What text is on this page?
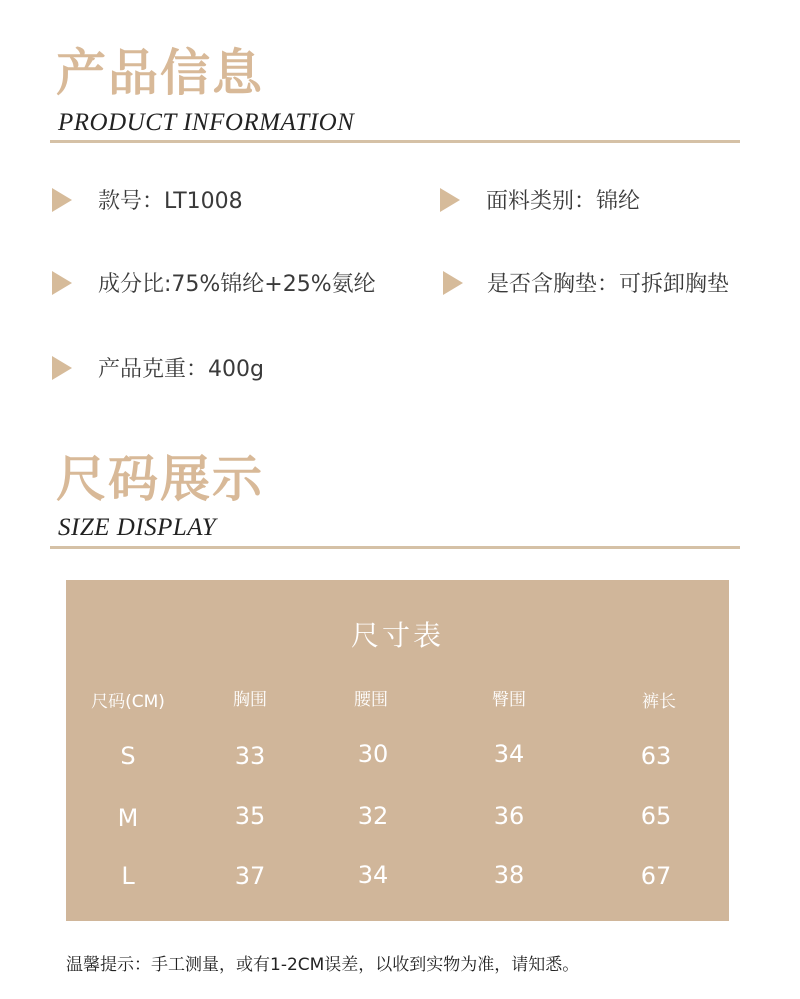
产品信息
PRODUCT INFORMATION
款号：LT1008	面料类别：锦纶
成分比:75%锦纶+25%氨纶	是否含胸垫：可拆卸胸垫
产品克重：400g
尺码展示
SIZE DISPLAY
尺寸表
尺码(CM)	胸围	腰围	臀围	裤长
S	33	30	34	63
M	35	32	36	65
L	37	34	38	67
温馨提示：手工测量，或有1-2CM误差，以收到实物为准，请知悉。
